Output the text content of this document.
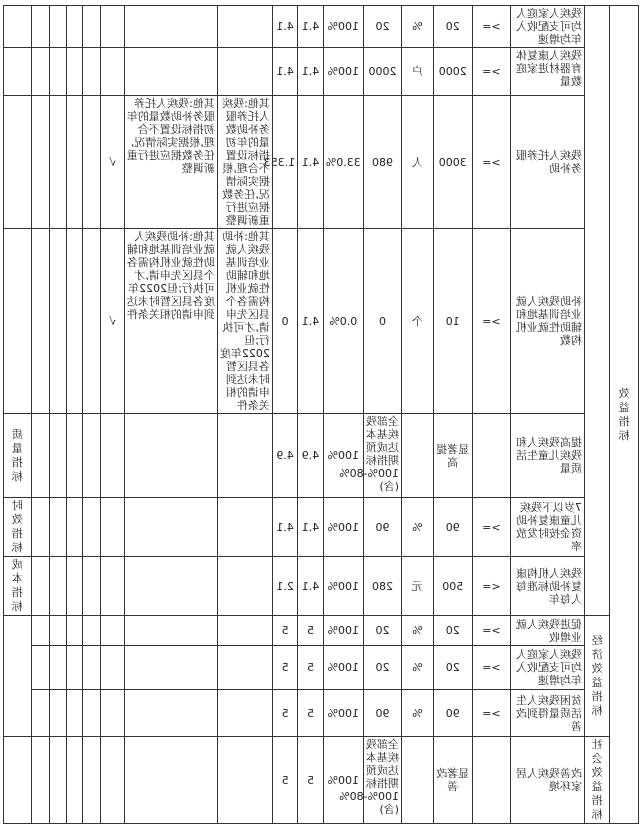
效益指标		残疾人家庭人均可支配收入年均增速	>=	20	%	20	100%	4.1	4.1								
		残疾人康复体育器材进家庭数量	>=	2000	户	2000	100%	4.1	4.1								
		残疾人托养服务补助	>=	3000	人	980	33.0%	4.1	1.353	其他:残疾人托养服务补助数量的年初指标设置不合理,根据实际情况,任务数据应进行重新调整	其他:残疾人托养服务补助数量的年初指标设置不合理,根据实际情况,任务数据应进行重新调整	√					
		补助残疾人就业培训基地和辅助性就业机构数	>=	10	个	0	0.0%	4.1	0	其他:补助残疾人就业培训基地和辅助性就业机构需各个县区先申请,才可执行;但2022年度各县区暂时未达到申请的相关条件	其他:补助残疾人就业培训基地和辅助性就业机构需各个县区先申请,才可执行;但2022年度各县区暂时未达到申请的相关条件	√					
		提高残疾人和残疾儿童生活质量		显著提高		全部残疾基本达成预期指标100%-80%(含)	100%	4.9	4.9								质量指标
		7岁以下残疾儿童康复补助资金按时发放率	>=	90	%	90	100%	4.1	4.1								时效指标
		残疾人机构康复补助标准每人每年	<=	500	元	280	100%	4.1	2.1								成本指标
	经济效益指标	促进残疾人就业增收	>=	20	%	20	100%	5	5								
		残疾人家庭人均可支配收入年均增速	>=	20	%	20	100%	5	5								
		贫困残疾人生活质量得到改善	>=	90	%	90	100%	5	5								
	社会效益指标	改善残疾人居家环境		显著改善		全部残疾基本达成预期指标100%-80%(含)	100%	5	5								
